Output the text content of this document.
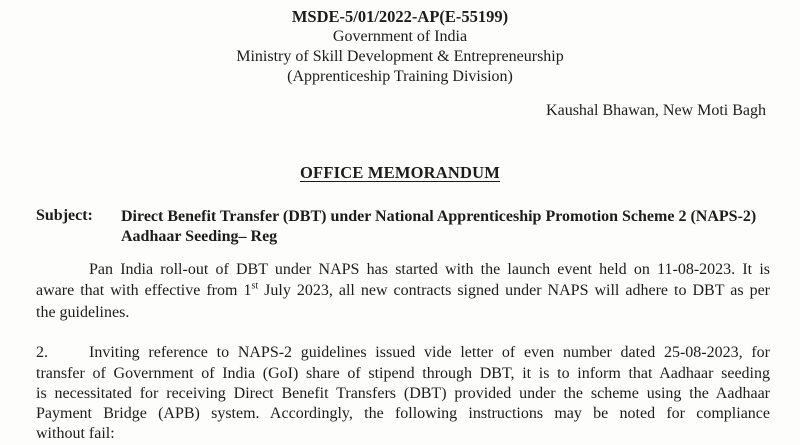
MSDE-5/01/2022-AP(E-55199)
Government of India
Ministry of Skill Development & Entrepreneurship
(Apprenticeship Training Division)
Kaushal Bhawan, New Moti Bagh
OFFICE MEMORANDUM
Subject: Direct Benefit Transfer (DBT) under National Apprenticeship Promotion Scheme 2 (NAPS-2) Aadhaar Seeding– Reg
Pan India roll-out of DBT under NAPS has started with the launch event held on 11-08-2023. It is
aware that with effective from 1st July 2023, all new contracts signed under NAPS will adhere to DBT as per
the guidelines.
2.	Inviting reference to NAPS-2 guidelines issued vide letter of even number dated 25-08-2023, for
transfer of Government of India (GoI) share of stipend through DBT, it is to inform that Aadhaar seeding
is necessitated for receiving Direct Benefit Transfers (DBT) provided under the scheme using the Aadhaar
Payment Bridge (APB) system. Accordingly, the following instructions may be noted for compliance
without fail:
